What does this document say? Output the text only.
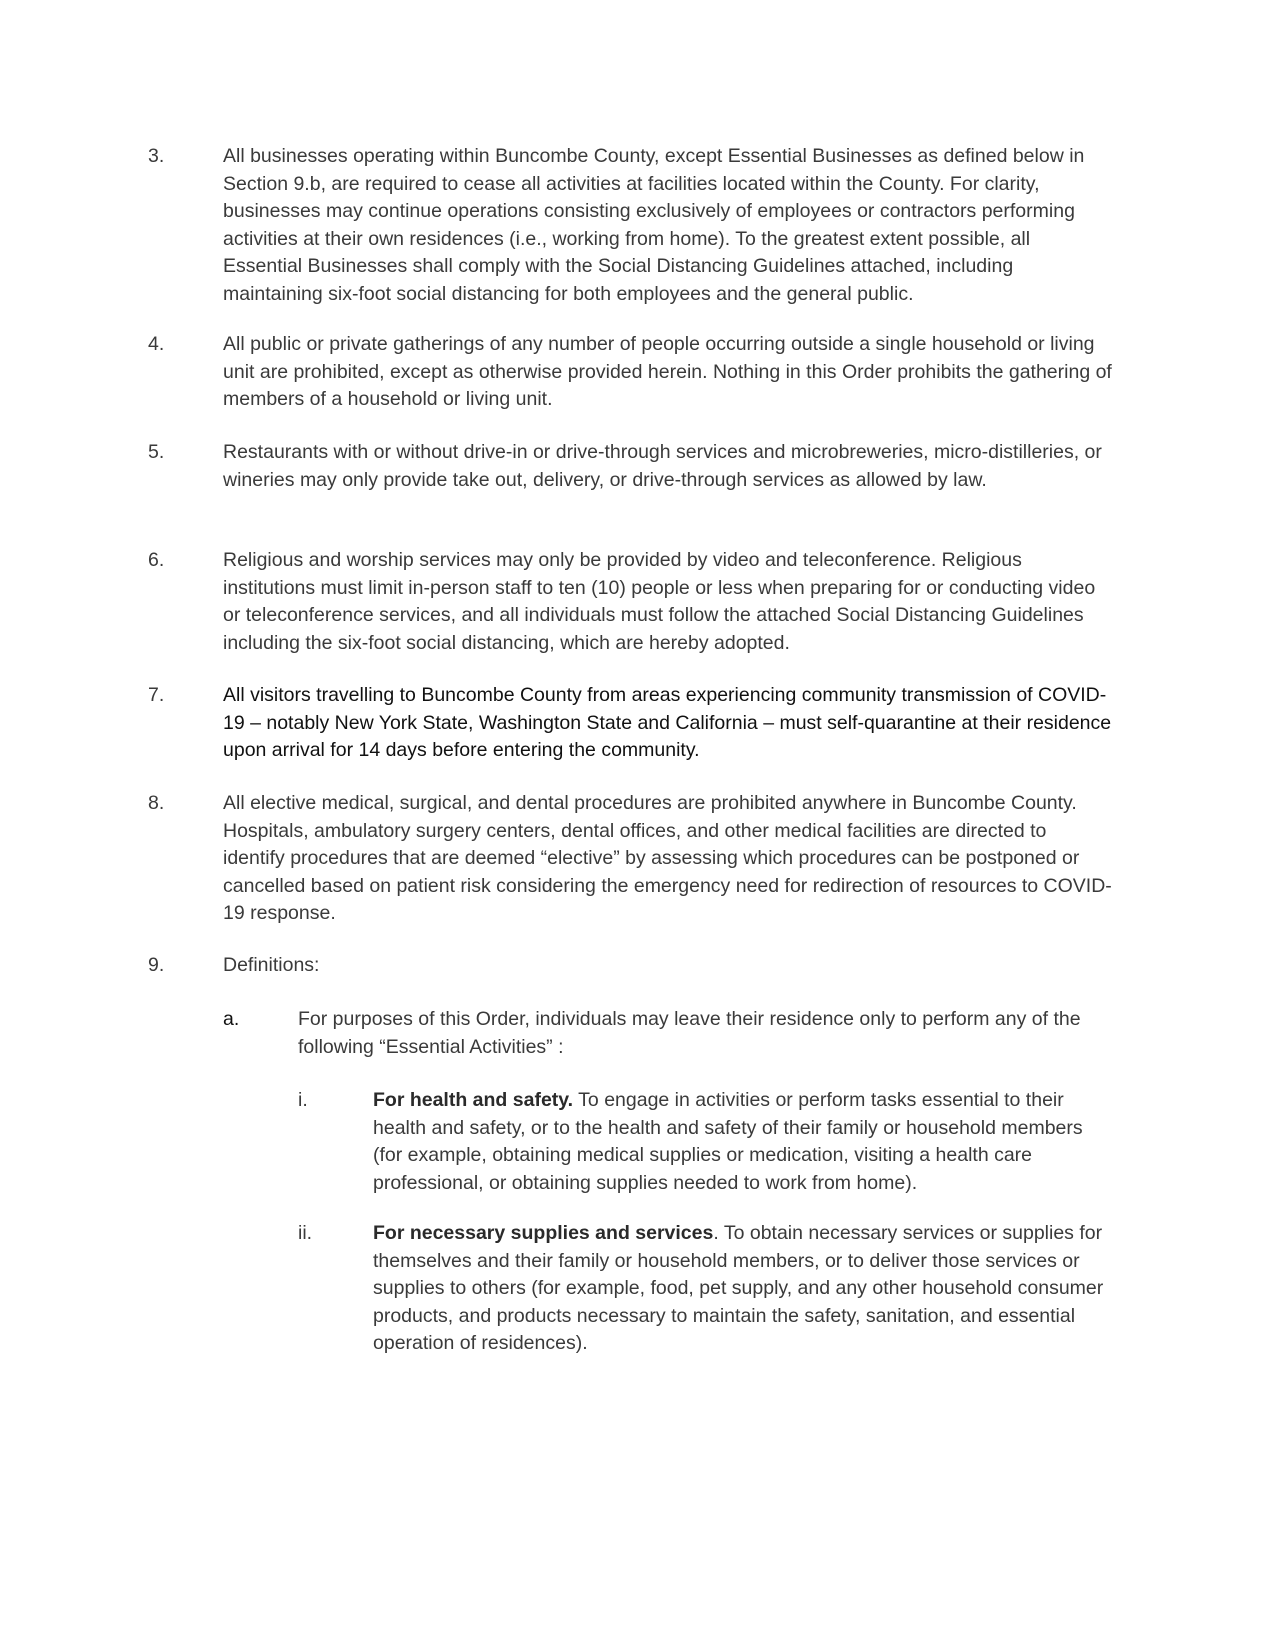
3.	All businesses operating within Buncombe County, except Essential Businesses as defined below in Section 9.b, are required to cease all activities at facilities located within the County. For clarity, businesses may continue operations consisting exclusively of employees or contractors performing activities at their own residences (i.e., working from home). To the greatest extent possible, all Essential Businesses shall comply with the Social Distancing Guidelines attached, including maintaining six-foot social distancing for both employees and the general public.
4.	All public or private gatherings of any number of people occurring outside a single household or living unit are prohibited, except as otherwise provided herein. Nothing in this Order prohibits the gathering of members of a household or living unit.
5.	Restaurants with or without drive-in or drive-through services and microbreweries, micro-distilleries, or wineries may only provide take out, delivery, or drive-through services as allowed by law.
6.	Religious and worship services may only be provided by video and teleconference. Religious institutions must limit in-person staff to ten (10) people or less when preparing for or conducting video or teleconference services, and all individuals must follow the attached Social Distancing Guidelines including the six-foot social distancing, which are hereby adopted.
7.	All visitors travelling to Buncombe County from areas experiencing community transmission of COVID-19 – notably New York State, Washington State and California – must self-quarantine at their residence upon arrival for 14 days before entering the community.
8.	All elective medical, surgical, and dental procedures are prohibited anywhere in Buncombe County. Hospitals, ambulatory surgery centers, dental offices, and other medical facilities are directed to identify procedures that are deemed “elective” by assessing which procedures can be postponed or cancelled based on patient risk considering the emergency need for redirection of resources to COVID-19 response.
9.	Definitions:
a.	For purposes of this Order, individuals may leave their residence only to perform any of the following “Essential Activities” :
i.	For health and safety. To engage in activities or perform tasks essential to their health and safety, or to the health and safety of their family or household members (for example, obtaining medical supplies or medication, visiting a health care professional, or obtaining supplies needed to work from home).
ii.	For necessary supplies and services. To obtain necessary services or supplies for themselves and their family or household members, or to deliver those services or supplies to others (for example, food, pet supply, and any other household consumer products, and products necessary to maintain the safety, sanitation, and essential operation of residences).
